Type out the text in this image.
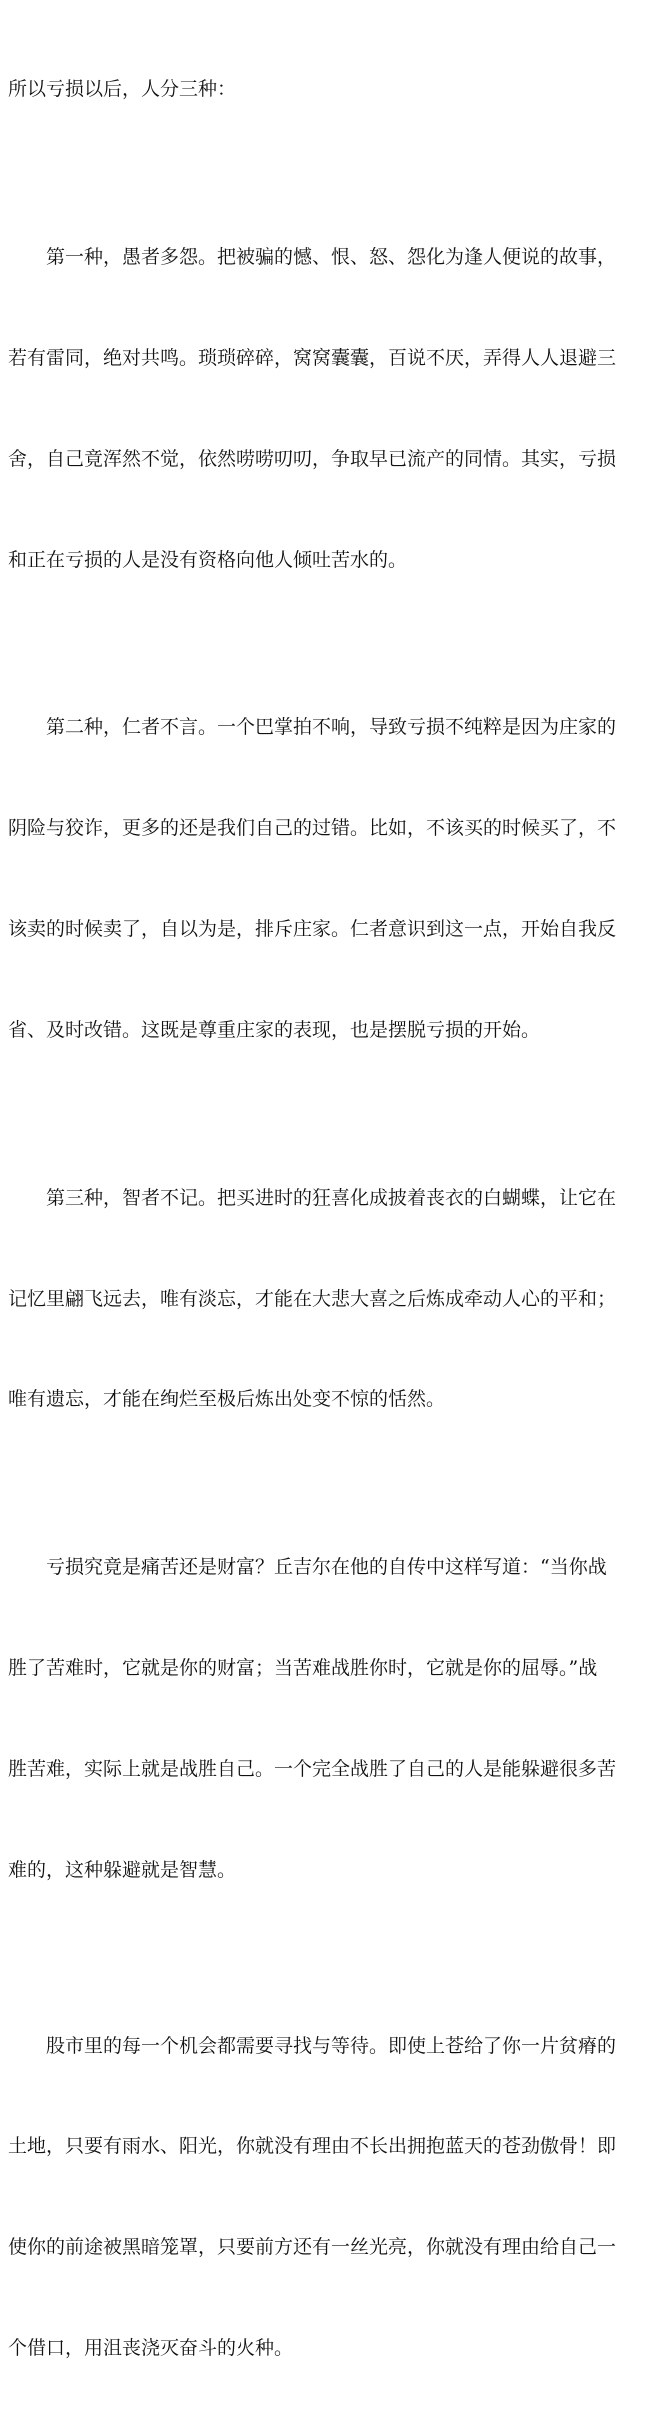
所以亏损以后，人分三种：

第一种，愚者多怨。把被骗的憾、恨、怒、怨化为逢人便说的故事，

若有雷同，绝对共鸣。琐琐碎碎，窝窝囊囊，百说不厌，弄得人人退避三

舍，自己竟浑然不觉，依然唠唠叨叨，争取早已流产的同情。其实，亏损

和正在亏损的人是没有资格向他人倾吐苦水的。

第二种，仁者不言。一个巴掌拍不响，导致亏损不纯粹是因为庄家的

阴险与狡诈，更多的还是我们自己的过错。比如，不该买的时候买了，不

该卖的时候卖了，自以为是，排斥庄家。仁者意识到这一点，开始自我反

省、及时改错。这既是尊重庄家的表现，也是摆脱亏损的开始。

第三种，智者不记。把买进时的狂喜化成披着丧衣的白蝴蝶，让它在

记忆里翩飞远去，唯有淡忘，才能在大悲大喜之后炼成牵动人心的平和；

唯有遗忘，才能在绚烂至极后炼出处变不惊的恬然。

亏损究竟是痛苦还是财富？丘吉尔在他的自传中这样写道：“当你战

胜了苦难时，它就是你的财富；当苦难战胜你时，它就是你的屈辱。”战

胜苦难，实际上就是战胜自己。一个完全战胜了自己的人是能躲避很多苦

难的，这种躲避就是智慧。

股市里的每一个机会都需要寻找与等待。即使上苍给了你一片贫瘠的

土地，只要有雨水、阳光，你就没有理由不长出拥抱蓝天的苍劲傲骨！即

使你的前途被黑暗笼罩，只要前方还有一丝光亮，你就没有理由给自己一

个借口，用沮丧浇灭奋斗的火种。
